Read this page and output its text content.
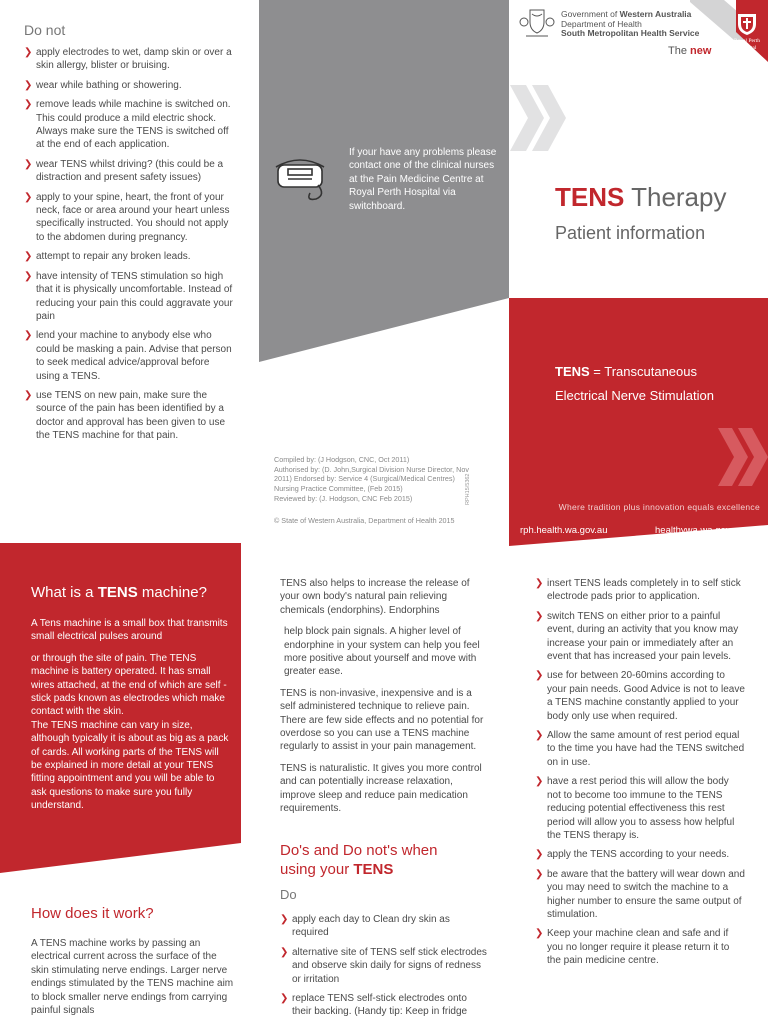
Do not
❯ apply electrodes to wet, damp skin or over a skin allergy, blister or bruising.
❯ wear while bathing or showering.
❯ remove leads while machine is switched on. This could produce a mild electric shock. Always make sure the TENS is switched off at the end of each application.
❯ wear TENS whilst driving? (this could be a distraction and present safety issues)
❯ apply to your spine, heart, the front of your neck, face or area around your heart unless specifically instructed. You should not apply to the abdomen during pregnancy.
❯ attempt to repair any broken leads.
❯ have intensity of TENS stimulation so high that it is physically uncomfortable. Instead of reducing your pain this could aggravate your pain
❯ lend your machine to anybody else who could be masking a pain. Advise that person to seek medical advice/approval before using a TENS.
❯ use TENS on new pain, make sure the source of the pain has been identified by a doctor and approval has been given to use the TENS machine for that pain.
If your have any problems please contact one of the clinical nurses at the Pain Medicine Centre at Royal Perth Hospital via switchboard.
Compiled by: (J Hodgson, CNC, Oct 2011)
Authorised by: (D. John,Surgical Division Nurse Director, Nov 2011) Endorsed by: Service 4 (Surgical/Medical Centres) Nursing Practice Committee, (Feb 2015)
Reviewed by: (J. Hodgson, CNC Feb 2015)
© State of Western Australia, Department of Health 2015
RPH15/5362
Royal Perth
Hospital
Government of Western Australia
Department of Health
South Metropolitan Health Service
The new
TENS Therapy
Patient information
TENS = Transcutaneous
Electrical Nerve Stimulation
Where tradition plus innovation equals excellence
rph.health.wa.gov.au	healthywa.wa.gov.au
What is a TENS machine?

A Tens machine is a small box that transmits small electrical pulses around

or through the site of pain. The TENS machine is battery operated. It has small wires attached, at the end of which are self - stick pads known as electrodes which make contact with the skin.

The TENS machine can vary in size, although typically it is about as big as a pack of cards. All working parts of the TENS will be explained in more detail at your TENS fitting appointment and you will be able to ask questions to make sure you fully understand.

How does it work?
A TENS machine works by passing an electrical current across the surface of the skin stimulating nerve endings. Larger nerve endings stimulated by the TENS machine aim to block smaller nerve endings from carrying painful signals

TENS also helps to increase the release of your own body's natural pain relieving chemicals (endorphins). Endorphins

help block pain signals. A higher level of endorphine in your system can help you feel more positive about yourself and move with greater ease.

TENS is non-invasive, inexpensive and is a self administered technique to relieve pain. There are few side effects and no potential for overdose so you can use a TENS machine regularly to assist in your pain management.

TENS is naturalistic. It gives you more control and can potentially increase relaxation, improve sleep and reduce pain medication requirements.

Do's and Do not's when
using your TENS
Do
❯ apply each day to Clean dry skin as required
❯ alternative site of TENS self stick electrodes and observe skin daily for signs of redness or irritation
❯ replace TENS self-stick electrodes onto their backing. (Handy tip: Keep in fridge
❯ insert TENS leads completely in to self stick electrode pads prior to application.
❯ switch TENS on either prior to a painful event, during an activity that you know may increase your pain or immediately after an event that has increased your pain levels.
❯ use for between 20-60mins according to your pain needs. Good Advice is not to leave a TENS machine constantly applied to your body only use when required.
❯ Allow the same amount of rest period equal to the time you have had the TENS switched on in use.
❯ have a rest period this will allow the body not to become too immune to the TENS reducing potential effectiveness this rest period will allow you to assess how helpful the TENS therapy is.
❯ apply the TENS according to your needs.
❯ be aware that the battery will wear down and you may need to switch the machine to a higher number to ensure the same output of stimulation.
❯ Keep your machine clean and safe and if you no longer require it please return it to the pain medicine centre.
